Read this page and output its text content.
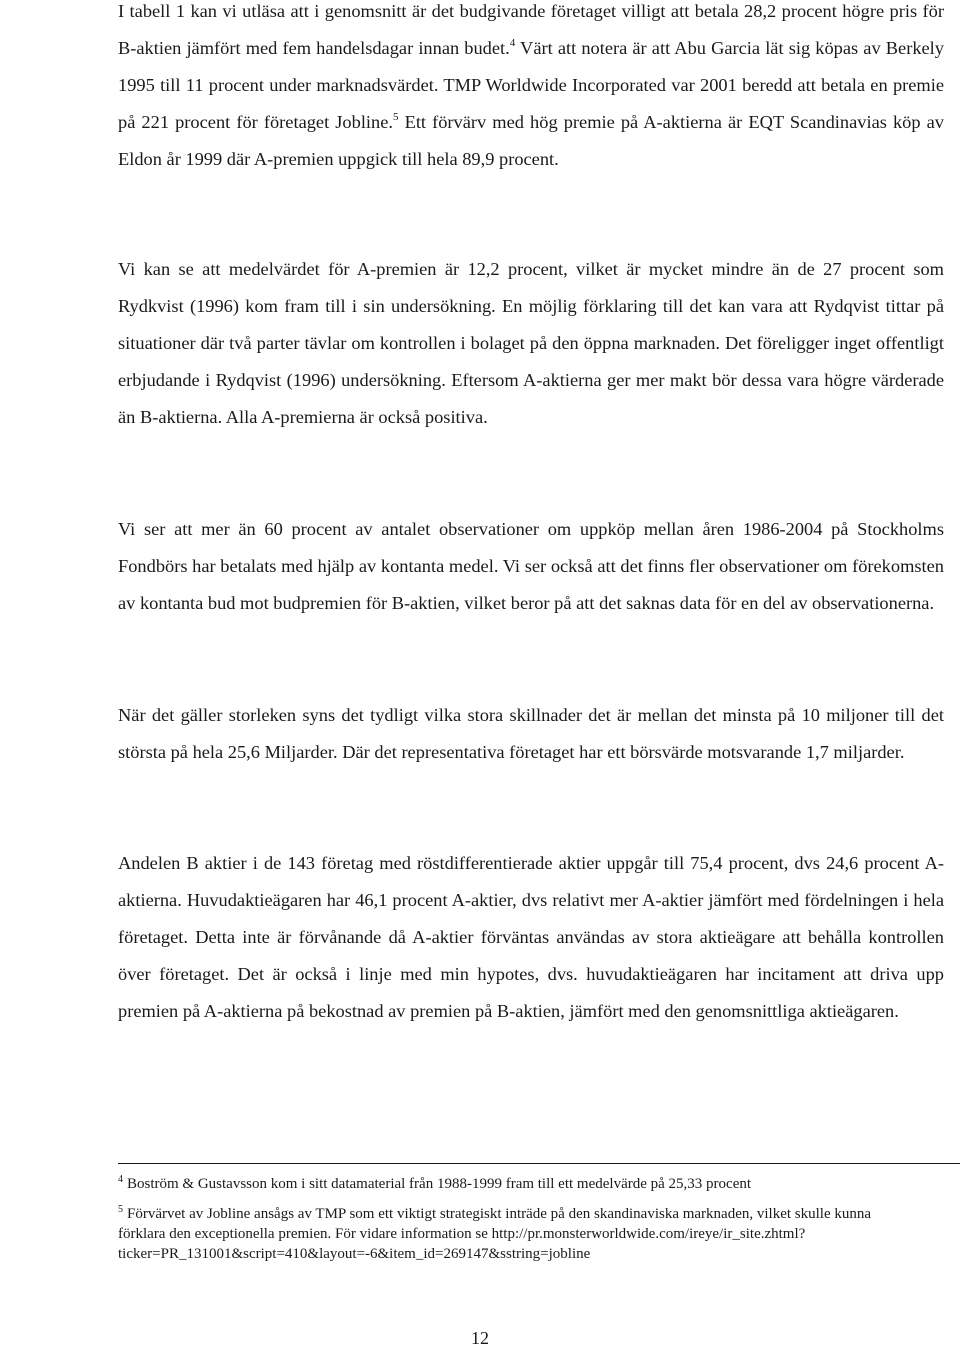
I tabell 1 kan vi utläsa att i genomsnitt är det budgivande företaget villigt att betala 28,2 procent högre pris för B-aktien jämfört med fem handelsdagar innan budet.$^4$ Värt att notera är att Abu Garcia lät sig köpas av Berkely 1995 till 11 procent under marknadsvärdet. TMP Worldwide Incorporated var 2001 beredd att betala en premie på 221 procent för företaget Jobline.$^5$ Ett förvärv med hög premie på A-aktierna är EQT Scandinavias köp av Eldon år 1999 där A-premien uppgick till hela 89,9 procent.

Vi kan se att medelvärdet för A-premien är 12,2 procent, vilket är mycket mindre än de 27 procent som Rydkvist (1996) kom fram till i sin undersökning. En möjlig förklaring till det kan vara att Rydqvist tittar på situationer där två parter tävlar om kontrollen i bolaget på den öppna marknaden. Det föreligger inget offentligt erbjudande i Rydqvist (1996) undersökning. Eftersom A-aktierna ger mer makt bör dessa vara högre värderade än B-aktierna. Alla A-premierna är också positiva.

Vi ser att mer än 60 procent av antalet observationer om uppköp mellan åren 1986-2004 på Stockholms Fondbörs har betalats med hjälp av kontanta medel. Vi ser också att det finns fler observationer om förekomsten av kontanta bud mot budpremien för B-aktien, vilket beror på att det saknas data för en del av observationerna.

När det gäller storleken syns det tydligt vilka stora skillnader det är mellan det minsta på 10 miljoner till det största på hela 25,6 Miljarder. Där det representativa företaget har ett börsvärde motsvarande 1,7 miljarder.

Andelen B aktier i de 143 företag med röstdifferentierade aktier uppgår till 75,4 procent, dvs 24,6 procent A-aktierna. Huvudaktieägaren har 46,1 procent A-aktier, dvs relativt mer A-aktier jämfört med fördelningen i hela företaget. Detta inte är förvånande då A-aktier förväntas användas av stora aktieägare att behålla kontrollen över företaget. Det är också i linje med min hypotes, dvs. huvudaktieägaren har incitament att driva upp premien på A-aktierna på bekostnad av premien på B-aktien, jämfört med den genomsnittliga aktieägaren.

$^4$ Boström & Gustavsson kom i sitt datamaterial från 1988-1999 fram till ett medelvärde på 25,33 procent

$^5$ Förvärvet av Jobline ansågs av TMP som ett viktigt strategiskt inträde på den skandinaviska marknaden, vilket skulle kunna förklara den exceptionella premien. För vidare information se http://pr.monsterworldwide.com/ireye/ir_site.zhtml?ticker=PR_131001&script=410&layout=-6&item_id=269147&sstring=jobline

12
